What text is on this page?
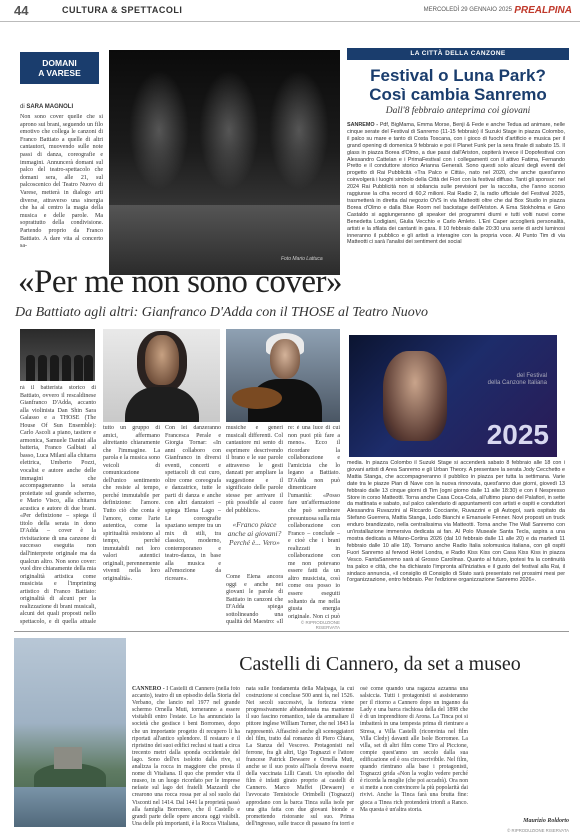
44	CULTURA & SPETTACOLI	MERCOLEDÌ 29 GENNAIO 2025 PREALPINA
DOMANI
A VARESE
di SARA MAGNOLI
Non sono cover quelle che si aprono sui brani, seguendo un filo emotivo che collega le canzoni di Franco Battiato a quelle di altri cantautori, muovendo sulle note passi di danza, coreografie e immagini. Annuncerà domani sul palco del teatro-spettacolo che domani sera, alle 21, sul palcoscenico del Teatro Nuovo di Varese, metterà in dialogo arti diverse, attraverso una sinergia che ha al centro la magia della musica e delle parole. Ma soprattutto della condivisione. Partendo proprio da Franco Battiato. A dare vita al concerto sa-
Foto Mario Lattuca
LA CITTÀ DELLA CANZONE
Festival o Luna Park?
Così cambia Sanremo
Dall'8 febbraio anteprima coi giovani
SANREMO - Pdf, BigMama, Emma Morse, Benji & Fede e anche Tedua ad animare, nelle cinque serate del Festival di Sanremo (11-15 febbraio) il Suzuki Stage in piazza Colombo, il palco su mare e tanto di Costa Toscana, con i gioco di fuochi d'artificio e musica per il grand opening di domenica 9 febbraio e poi il Planet Funk per la sera finale di sabato 15. Il glass in piazza Borea d'Olmo, a due passi dall'Ariston, ospiterà invece il Dopofestival con Alessandro Cattelan e i PrimaFestival con i collegamenti con il attivo Fatima, Fernando Pretto e il conduttore storico Arianna Generali. Sono questi solo alcuni degli eventi del progetto di Rai Pubblicità «Tra Palco e Città», nato nel 2020, che anche quest'anno coinvolgerà i luoghi simbolo della Città dei Fiori con la festival diffuso. Tanti gli sponsor: nel 2024 Rai Pubblicità non si sbilancia sulle previsioni per la raccolta, che l'anno scorso raggiunse la cifra record di 60,2 milioni. Rai Radio 2, la radio ufficiale del Festival 2025, trasmetterà in diretta dal negozio OVS in via Matteotti oltre che dal Box Studio in piazza Borea d'Olmo e dalla Blue Room nel backstage dell'Ariston. A Ema Stokholma e Gino Castaldo si aggiungeranno gli speaker dei programmi diurni e tutti volti nuovi come Benedetta Lodigiani, Giulia Vecchio e Carlo Amleto. L'Eni Caper accoglierà personalità, artisti e la sfilata dei cantanti in gara. Il 10 febbraio dalle 20:30 una serie di archi luminosi inneranno il pubblico e gli artisti a interagire con la propria voce. Al Punto Tim di via Matteotti ci sarà l'analisi dei sentiment dei social
del Festival
della Canzone Italiana
2025
media. In piazza Colombo il Suzuki Stage si accenderà sabato 8 febbraio alle 18 con i giovani artisti di Area Sanremo e gli Urban Theory. A presentare la serata Jody Cecchetto e Mattia Stanga, che accompagneranno il pubblico in piazza per tutta la settimana. Varie date tra le piazze Pian di Nave con la nuova rinnovata, quest'anno due giorni, giovedì 13 febbraio dalle 13 cinque giorni di Tim (ogni giorno dalle 11 alle 18:30) e con il Nespresso Store in corso Matteotti. Torna anche Casa Coca-Cola, all'ultimo piano del Palafiori, in sette da mattinata e sabato, sul palco calendario di appuntamenti con artisti e ospiti e conduttori Alessandra Ruvazzini al Riccardo Cocciante, Ruvazzini e gli Autogol, sarà ospitato da Stefano Guerrera, Mattia Stanga, Lodo Bianchi e Emanuele Fenner. Novi proposti un truck enduro brandizzato, nella centralissima via Matteotti. Torna anche The Wall Sanremo con un'installazione immersiva dedicata ai fan. Al Polo Museale Santa Tecla, aspira a una mostra dedicata a Milano-Cortina 2026 (dal 10 febbraio dalle 11 alle 20) e da martedì 11 febbraio dalle 10 alle 18). Tornano anche Radio Italia solomusica italiana, con gli ospiti Fuori Sanremo al ferwod Hotel Londra, e Radio Kiss Kiss con Casa Kiss Kiss in piazza Vesco. FantaSanremo sarà al Grosso Carolinas. Quanto al futuro, ipotesi fra la continuità tra palco e città, che ha dichiarato l'impronta all'iniziativa e il gusto del festival alla Rai, il sindaco annuncia, «il consiglio di Consiglio di Stato sarà presentato nei prossimi mesi per l'organizzazione, entro febbraio. Per l'edizione organizzazione Sanremo 2026».
«Per me non sono cover»
Da Battiato agli altri: Gianfranco D'Adda con il THOSE al Teatro Nuovo
rà il batterista storico di Battiato, ovvero il rescaldinese Gianfranco D'Adda, accanto alla violinista Dan Shin Sara Galasso e a THOSE (The House Of Sun Ensemble): Carlo Ascoli a piano, tastiere e armonica, Samuele Danini alla batteria, Franco Galbiati al basso, Luca Milani alla chitarra elettrica, Umberto Pozzi, vocalist e autore anche delle immagini che accompagneranno la serata proiettate sul grande schermo, e Mario Visco, alla chitarra acustica e autore di due brani. «Per definizione – spiega il titolo della serata in dono D'Adda – cover è la rivisitazione di una canzone di successo eseguita non dall'interprete originale ma da qualcun altro. Non sono cover: vuol dire chiaramente della mia originalità artistica come musicista e l'imprinting artistico di Franco Battiato: originalità di alcuni per la realizzazione di brani musicali, alcuni dei quali proposti nello spettacolo, e di quella attuale
tutto un gruppo di amici, affermano altrettanto chiaramente che l'immagine. La parola e la musica sono veicoli di comunicazione dell'unico sentimento che resiste al tempo, perché immutabile per definizione: l'amore. Tutto ciò che conta è l'amore, come l'arte autentica, come la spiritualità resistono al tempo, perché immutabili nei loro valori autentici originali, perennemente viventi nella loro originalità».
Con lei danzeranno Francesca Perale e Giorgia Tornar: «In anni collaboro con Gianfranco in diversi eventi, concerti e spettacoli di cui curo, oltre come coreografa e danzatrice, tutte le parti di danza e anche con altri danzatori – spiega Elena Lago – Le coreografie spaziano sempre tra un mix di stili, tra classico, moderno, contemporaneo e teatro-danza, in base alla musica e all'emozione da ricreare».
musiche e generi musicali differenti. Col cantautore mi sento di esprimere descrivendo il brano e le sue parole attraverso le gesti danzati per ampliare la suggestione e il significato delle parole stesse per arrivare il più possibile al cuore del pubblico».
«Franco piace anche ai giovani? Perché è... Vero»
Come Elena ancora oggi e anche nei giovani le parole di Battiato in canzoni che D'Adda spiega sottolineando una qualità del Maestro: «Il
re: è una luce di cui non puoi più fare a meno». Ecco il ricordare la collaborazione e l'amicizia che lo legano a Battiato. D'Adda non può dimenticare l'umanità: «Posso fare un'affermazione che può sembrare presuntuosa sulla mia collaborazione con Franco – conclude – e cioè che i brani realizzati in collaborazione con me non potevano essere fatti da un altro musicista, così come ora posso io essere eseguiti soltanto da me nella giusta energia originale. Non ci può
© RIPRODUZIONE RISERVATA
Castelli di Cannero, da set a museo
CANNERO - I Castelli di Cannero (nella foto accanto), teatro di un episodio della Storia del Verbano, che lancio nel 1977 nel grande schermo Ornella Muti, torneranno a essere visitabili entro l'estate. Lo ha annunciato la società che gestisce i beni Borromeo, dopo che un importante progetto di recupero li ha riportati all'antico splendore. Il restauro e il ripristino dei suoi edifici reclusi si tuati a circa trecento metri dalla sponda occidentale del lago. Sono dell'ex isolotto dalla rive, si analizza la rocca in maggiore che presta il nome di Vitaliana. Il quo che prender vita il museo, in un luogo ricordato per le imprese nefaste sul lago dei fratelli Mazzardi che crearono una rocca rossa per al sol suolo dai Visconti nel 1414. Dal 1441 la proprietà passò alla famiglia Borromeo, che il Castello e grandi parte delle opere ancora oggi visibili. Una delle più importanti, è la Rocca Vitaliana,
nata sulle fondamenta della Malpaga, la cui costruzione si concluse 500 anni fa, nel 1526. Nei secoli successivi, la fortezza viene progressivamente abbandonata ma mantenne il suo fascino romantico, tale da ammaliare il pittore inglese William Turner, che nel 1843 la rappresentò. Affascinò anche gli sceneggiatori del film, tratto dal romanzo di Piero Chiara, La Stanza del Vescovo. Protagonisti nel ferrone, fra gli altri, Ugo Tognazzi e l'attore francese Patrick Dewaere e Ornella Muti, anche se il suo posto all'Isola doveva essere della vaccinata Lilli Carati. Un episodio del film è infatti girato proprio ai castelli di Cannero. Marco Maffei (Dewaere) e l'avvocato Temistocle Orimbelli (Tognazzi) approdano con la barca Tinca sulla isole per una gita fatta con due giovani bionde e promettendo ristorante sul suo. Prima dell'ingresso, sulle tracce di passano fra torri e
osé come quando una ragazza azzanna una salsiccia. Tutti i protagonisti si assisteranno per il ritorno a Cannero dopo un inganno da Lady e una barca rischiosa della del 1898 che è di un imprenditore di Arona. La Tinca poi si imbatterà in una tempesta prima di rientrare a Stresa, a Villa Castelli (riconvinta nel film Villa Cledy) davanti alle Isole Borromee. La villa, set di altri film come Tiro al Piccione, compie quest'anno un secolo dalla sua edificazione ed è ora circoscrivibile. Nel film, quando rientrano alla base i protagonisti, Tognazzi grida «Non la voglio vedere perché è ricorda la moglie (che poi accadrà). Ora non si mette a non convincere la più popolarità dai rivivi. Anche la Tinca farà una brutta fine: gioca a Tinea rich protenderà trionfi a Ranco. Ma questa è un'altra storia.
Maurizio Roldorto
© RIPRODUZIONE RISERVATA
